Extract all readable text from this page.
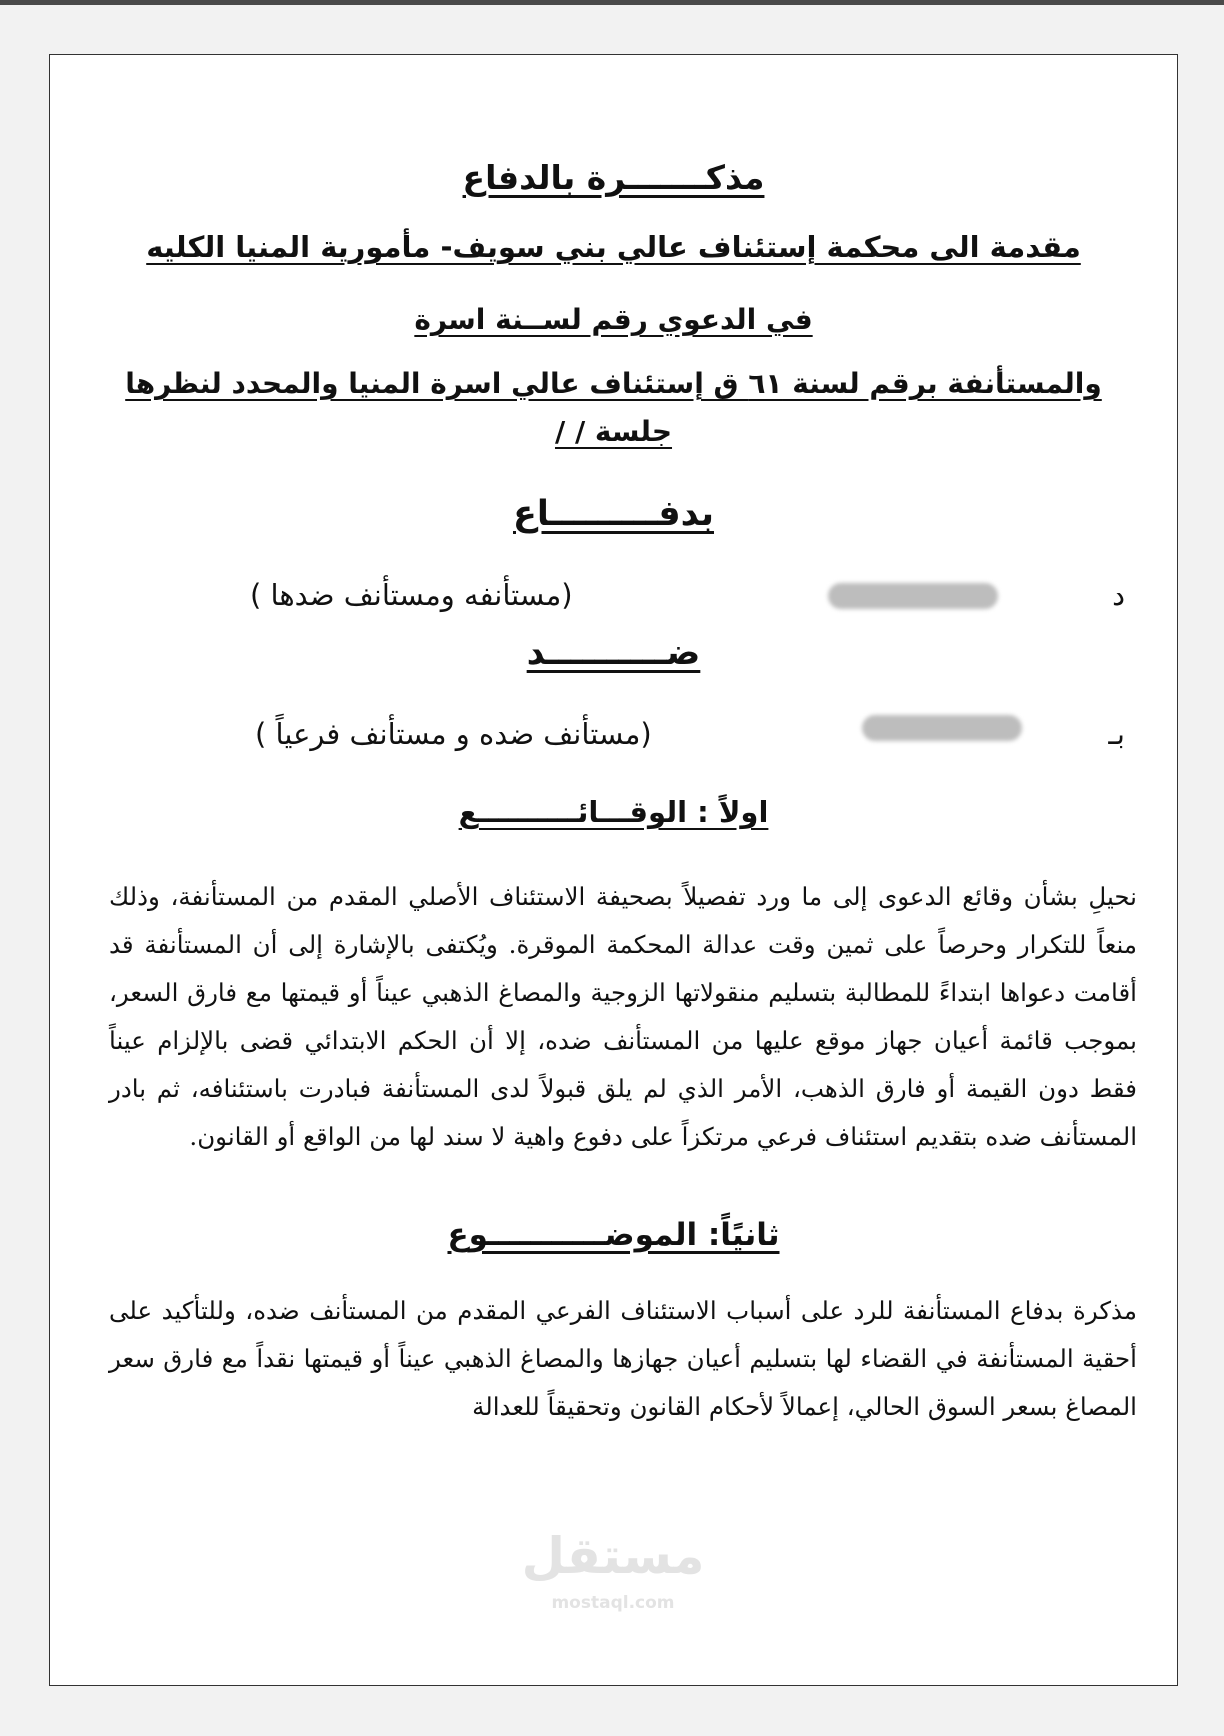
مذكـــــــرة بالدفاع
مقدمة الى محكمة إستئناف عالي بني سويف- مأمورية المنيا الكليه
في الدعوي رقم لســنة اسرة
والمستأنفة برقم لسنة ٦١ ق إستئناف عالي اسرة المنيا والمحدد لنظرها
جلسة / /
بدفـــــــــاع
د
(مستأنفه ومستأنف ضدها )
ضــــــــــد
بـ
(مستأنف ضده و مستأنف فرعياً )
اولاً : الوقـــائــــــــــع
نحيلِ بشأن وقائع الدعوى إلى ما ورد تفصيلاً بصحيفة الاستئناف الأصلي المقدم من المستأنفة، وذلك منعاً للتكرار وحرصاً على ثمين وقت عدالة المحكمة الموقرة. ويُكتفى بالإشارة إلى أن المستأنفة قد أقامت دعواها ابتداءً للمطالبة بتسليم منقولاتها الزوجية والمصاغ الذهبي عيناً أو قيمتها مع فارق السعر، بموجب قائمة أعيان جهاز موقع عليها من المستأنف ضده، إلا أن الحكم الابتدائي قضى بالإلزام عيناً فقط دون القيمة أو فارق الذهب، الأمر الذي لم يلق قبولاً لدى المستأنفة فبادرت باستئنافه، ثم بادر المستأنف ضده بتقديم استئناف فرعي مرتكزاً على دفوع واهية لا سند لها من الواقع أو القانون.
ثانيًاً: الموضـــــــــــوع
مذكرة بدفاع المستأنفة للرد على أسباب الاستئناف الفرعي المقدم من المستأنف ضده، وللتأكيد على أحقية المستأنفة في القضاء لها بتسليم أعيان جهازها والمصاغ الذهبي عيناً أو قيمتها نقداً مع فارق سعر المصاغ بسعر السوق الحالي، إعمالاً لأحكام القانون وتحقيقاً للعدالة
مستقل
mostaql.com
